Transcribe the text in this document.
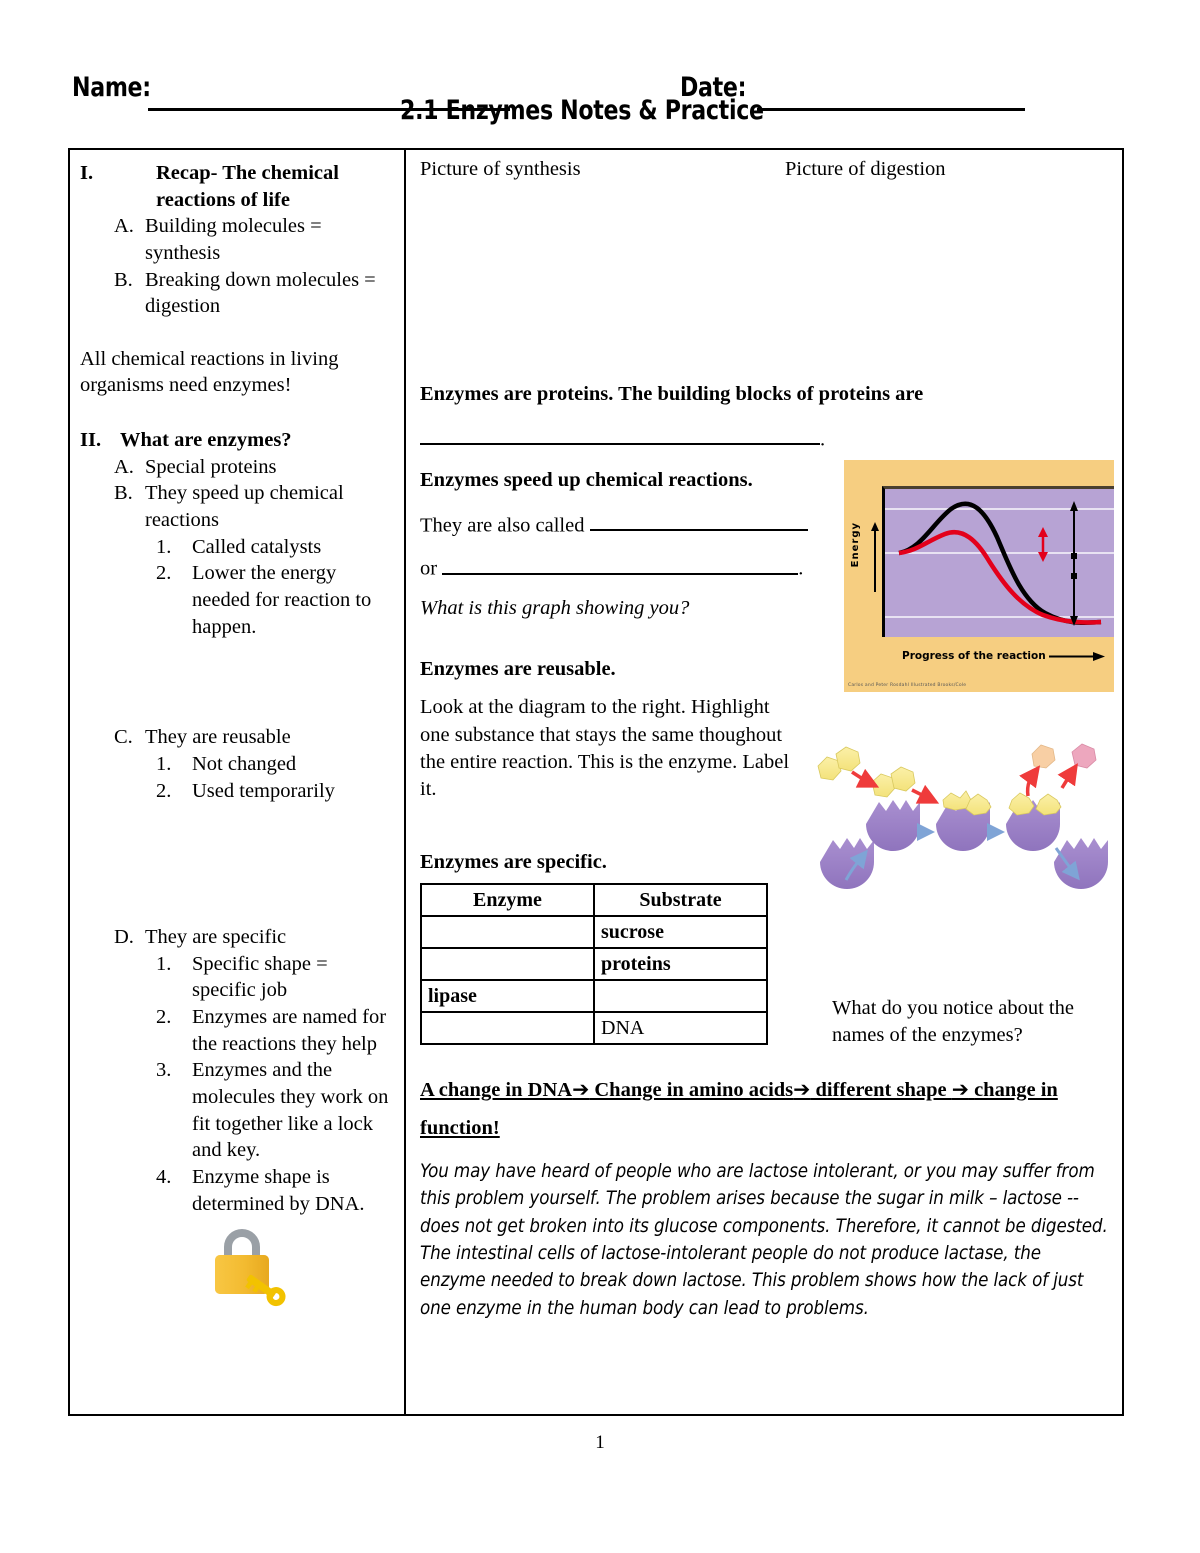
Name:	Date:
2.1 Enzymes Notes & Practice
I.	Recap- The chemical reactions of life
A. Building molecules = synthesis
B. Breaking down molecules = digestion
All chemical reactions in living organisms need enzymes!
II. What are enzymes?
A. Special proteins
B. They speed up chemical reactions
1.	Called catalysts
2.	Lower the energy needed for reaction to happen.
C. They are reusable
1.	Not changed
2.	Used temporarily
D. They are specific
1.	Specific shape = specific job
2.	Enzymes are named for the reactions they help
3.	Enzymes and the molecules they work on fit together like a lock and key.
4.	Enzyme shape is determined by DNA.
Picture of synthesis	Picture of digestion
Enzymes are proteins. The building blocks of proteins are
.
Enzymes speed up chemical reactions.
They are also called
or	.
What is this graph showing you?
Energy
Progress of the reaction
Carlos and Peter Rosdahl Illustrated Brooks/Cole
Enzymes are reusable.
Look at the diagram to the right. Highlight one substance that stays the same thoughout the entire reaction. This is the enzyme. Label it.
Enzymes are specific.
Enzyme	Substrate
	sucrose
	proteins
lipase	
	DNA
What do you notice about the names of the enzymes?
A change in DNA➔ Change in amino acids➔ different shape ➔ change in function!
You may have heard of people who are lactose intolerant, or you may suffer from this problem yourself. The problem arises because the sugar in milk – lactose -- does not get broken into its glucose components. Therefore, it cannot be digested. The intestinal cells of lactose-intolerant people do not produce lactase, the enzyme needed to break down lactose. This problem shows how the lack of just one enzyme in the human body can lead to problems.
1
